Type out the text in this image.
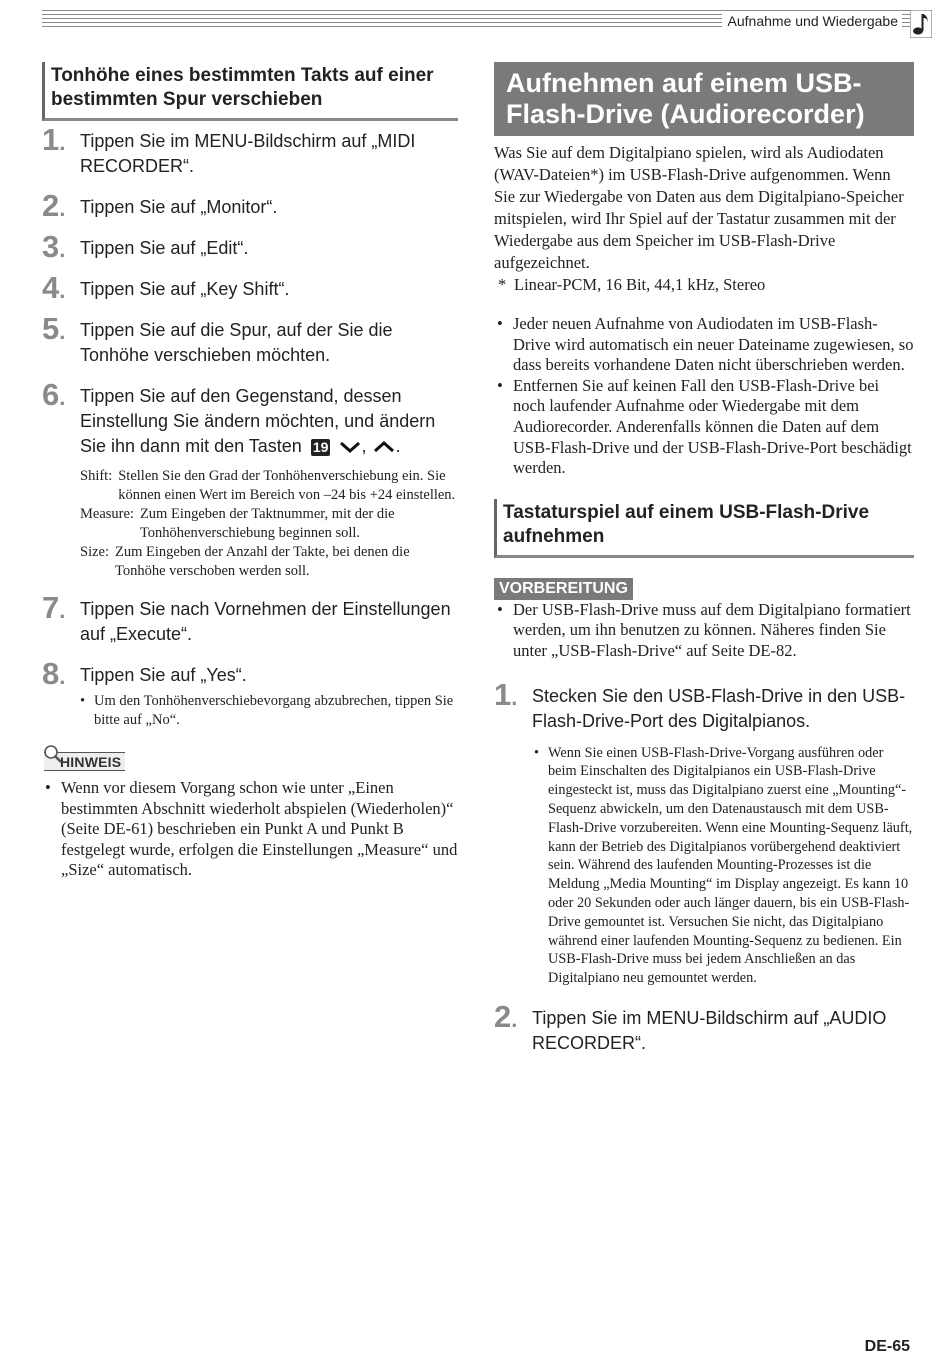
Aufnahme und Wiedergabe
Tonhöhe eines bestimmten Takts auf einer bestimmten Spur verschieben
1. Tippen Sie im MENU-Bildschirm auf „MIDI RECORDER“.
2. Tippen Sie auf „Monitor“.
3. Tippen Sie auf „Edit“.
4. Tippen Sie auf „Key Shift“.
5. Tippen Sie auf die Spur, auf der Sie die Tonhöhe verschieben möchten.
6. Tippen Sie auf den Gegenstand, dessen Einstellung Sie ändern möchten, und ändern Sie ihn dann mit den Tasten 19 , .
Shift: Stellen Sie den Grad der Tonhöhenverschiebung ein. Sie können einen Wert im Bereich von –24 bis +24 einstellen.
Measure: Zum Eingeben der Taktnummer, mit der die Tonhöhenverschiebung beginnen soll.
Size: Zum Eingeben der Anzahl der Takte, bei denen die Tonhöhe verschoben werden soll.
7. Tippen Sie nach Vornehmen der Einstellungen auf „Execute“.
8. Tippen Sie auf „Yes“.
• Um den Tonhöhenverschiebevorgang abzubrechen, tippen Sie bitte auf „No“.
HINWEIS
• Wenn vor diesem Vorgang schon wie unter „Einen bestimmten Abschnitt wiederholt abspielen (Wiederholen)“ (Seite DE-61) beschrieben ein Punkt A und Punkt B festgelegt wurde, erfolgen die Einstellungen „Measure“ und „Size“ automatisch.
Aufnehmen auf einem USB-Flash-Drive (Audiorecorder)
Was Sie auf dem Digitalpiano spielen, wird als Audiodaten (WAV-Dateien*) im USB-Flash-Drive aufgenommen. Wenn Sie zur Wiedergabe von Daten aus dem Digitalpiano-Speicher mitspielen, wird Ihr Spiel auf der Tastatur zusammen mit der Wiedergabe aus dem Speicher im USB-Flash-Drive aufgezeichnet.
* Linear-PCM, 16 Bit, 44,1 kHz, Stereo
• Jeder neuen Aufnahme von Audiodaten im USB-Flash-Drive wird automatisch ein neuer Dateiname zugewiesen, so dass bereits vorhandene Daten nicht überschrieben werden.
• Entfernen Sie auf keinen Fall den USB-Flash-Drive bei noch laufender Aufnahme oder Wiedergabe mit dem Audiorecorder. Anderenfalls können die Daten auf dem USB-Flash-Drive und der USB-Flash-Drive-Port beschädigt werden.
Tastaturspiel auf einem USB-Flash-Drive aufnehmen
VORBEREITUNG
• Der USB-Flash-Drive muss auf dem Digitalpiano formatiert werden, um ihn benutzen zu können. Näheres finden Sie unter „USB-Flash-Drive“ auf Seite DE-82.
1. Stecken Sie den USB-Flash-Drive in den USB-Flash-Drive-Port des Digitalpianos.
• Wenn Sie einen USB-Flash-Drive-Vorgang ausführen oder beim Einschalten des Digitalpianos ein USB-Flash-Drive eingesteckt ist, muss das Digitalpiano zuerst eine „Mounting“-Sequenz abwickeln, um den Datenaustausch mit dem USB-Flash-Drive vorzubereiten. Wenn eine Mounting-Sequenz läuft, kann der Betrieb des Digitalpianos vorübergehend deaktiviert sein. Während des laufenden Mounting-Prozesses ist die Meldung „Media Mounting“ im Display angezeigt. Es kann 10 oder 20 Sekunden oder auch länger dauern, bis ein USB-Flash- Drive gemountet ist. Versuchen Sie nicht, das Digitalpiano während einer laufenden Mounting-Sequenz zu bedienen. Ein USB-Flash-Drive muss bei jedem Anschließen an das Digitalpiano neu gemountet werden.
2. Tippen Sie im MENU-Bildschirm auf „AUDIO RECORDER“.
DE-65
